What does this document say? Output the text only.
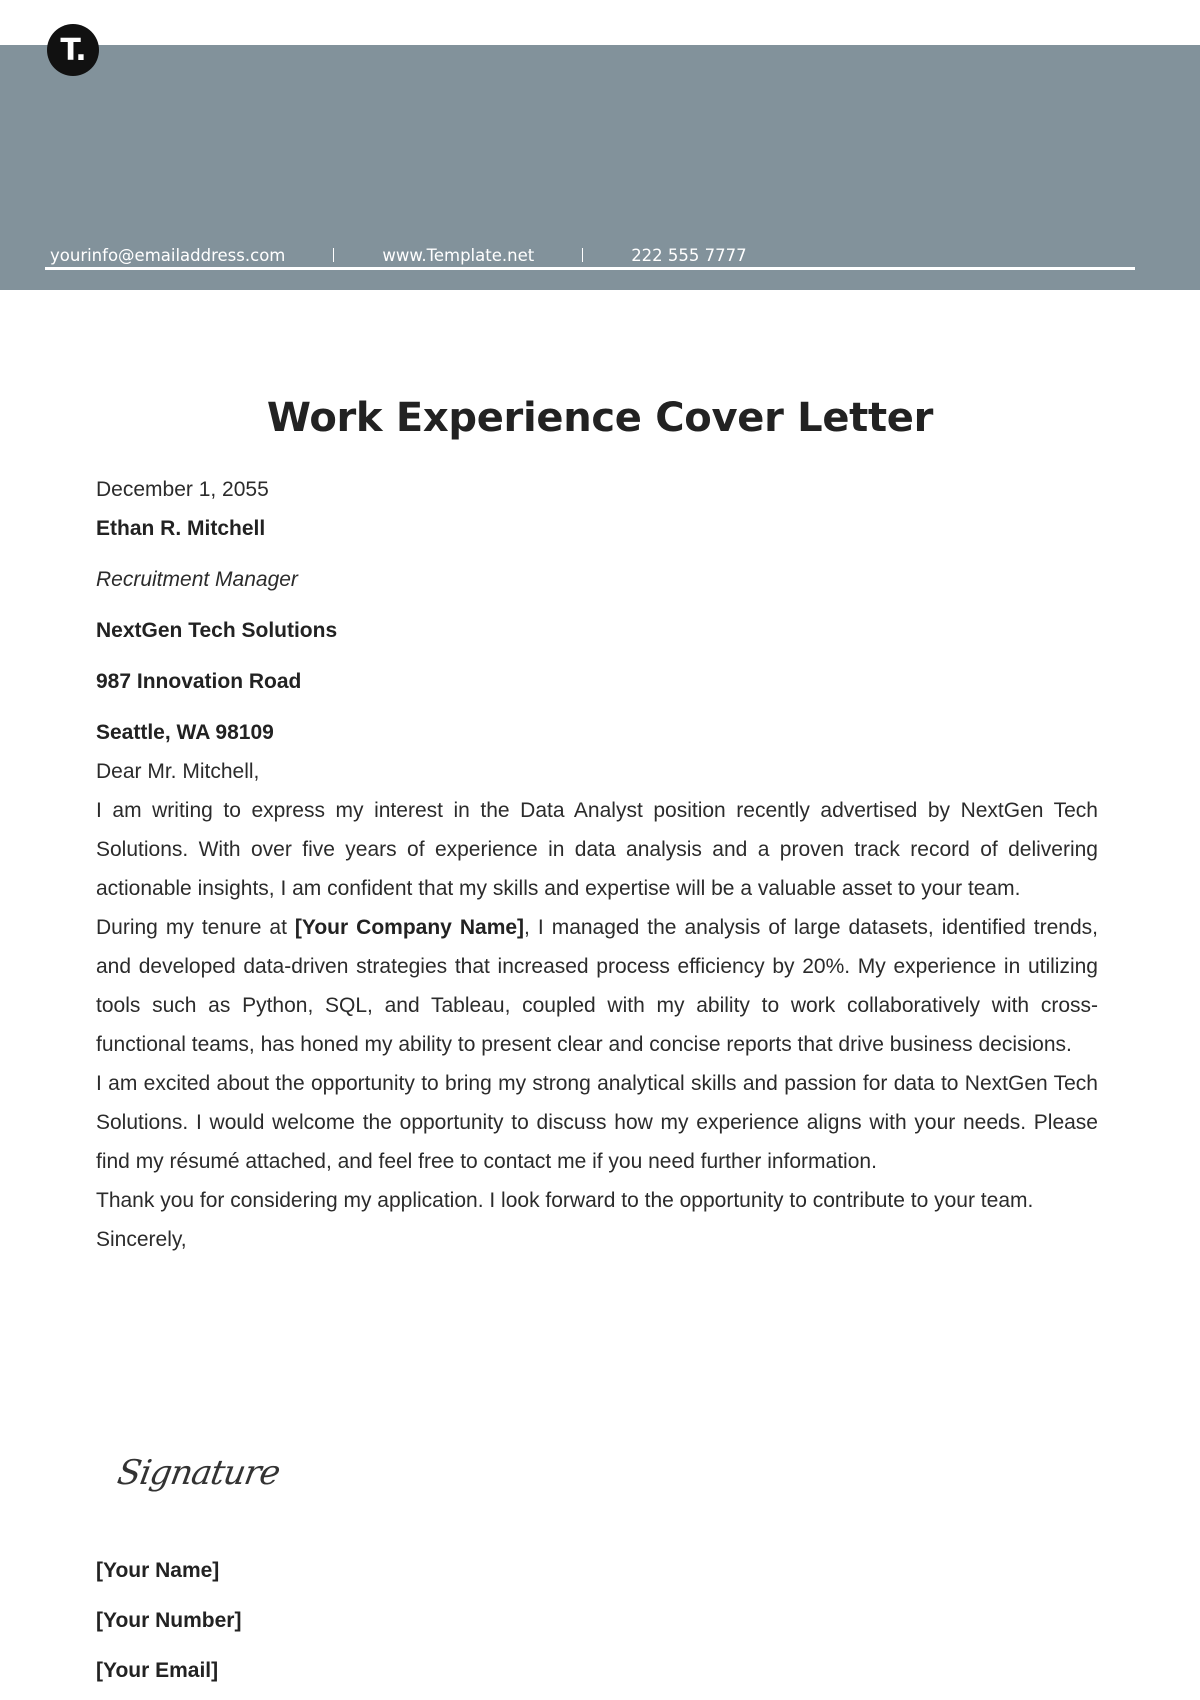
T.
yourinfo@emailaddress.com	www.Template.net	222 555 7777
Work Experience Cover Letter

December 1, 2055

Ethan R. Mitchell

Recruitment Manager

NextGen Tech Solutions

987 Innovation Road

Seattle, WA 98109

Dear Mr. Mitchell,

I am writing to express my interest in the Data Analyst position recently advertised by NextGen Tech Solutions. With over five years of experience in data analysis and a proven track record of delivering actionable insights, I am confident that my skills and expertise will be a valuable asset to your team.

During my tenure at [Your Company Name], I managed the analysis of large datasets, identified trends, and developed data-driven strategies that increased process efficiency by 20%. My experience in utilizing tools such as Python, SQL, and Tableau, coupled with my ability to work collaboratively with cross-functional teams, has honed my ability to present clear and concise reports that drive business decisions.

I am excited about the opportunity to bring my strong analytical skills and passion for data to NextGen Tech Solutions. I would welcome the opportunity to discuss how my experience aligns with your needs. Please find my résumé attached, and feel free to contact me if you need further information.

Thank you for considering my application. I look forward to the opportunity to contribute to your team.

Sincerely,

Signature
[Your Name]
[Your Number]
[Your Email]
